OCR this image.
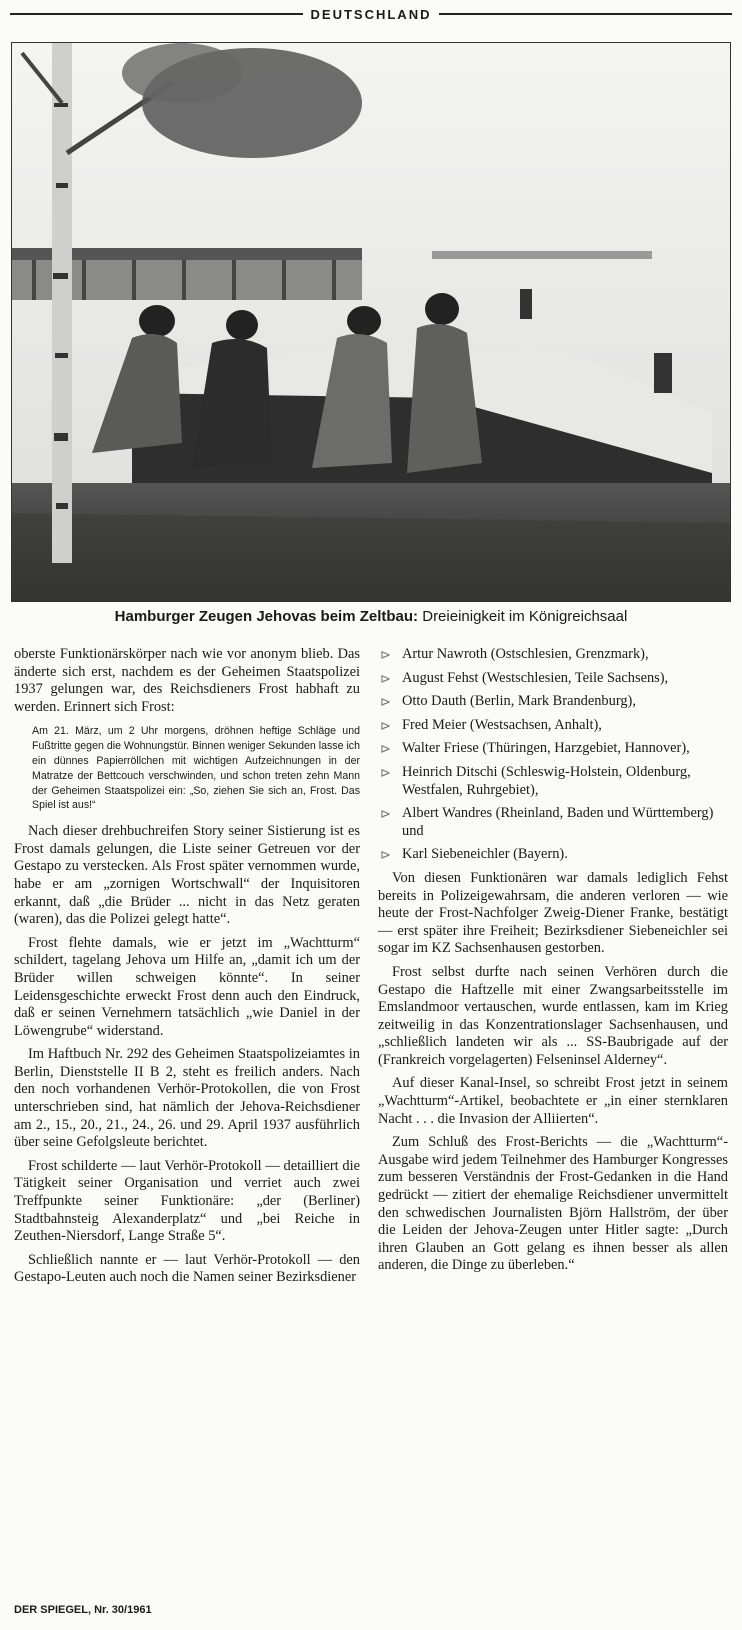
DEUTSCHLAND
Hamburger Zeugen Jehovas beim Zeltbau: Dreieinigkeit im Königreichsaal

oberste Funktionärskörper nach wie vor anonym blieb. Das änderte sich erst, nachdem es der Geheimen Staatspolizei 1937 gelungen war, des Reichsdieners Frost habhaft zu werden. Erinnert sich Frost:

Am 21. März, um 2 Uhr morgens, dröhnen heftige Schläge und Fußtritte gegen die Wohnungstür. Binnen weniger Sekunden lasse ich ein dünnes Papierröllchen mit wichtigen Aufzeichnungen in der Matratze der Bettcouch verschwinden, und schon treten zehn Mann der Geheimen Staatspolizei ein: „So, ziehen Sie sich an, Frost. Das Spiel ist aus!“

Nach dieser drehbuchreifen Story seiner Sistierung ist es Frost damals gelungen, die Liste seiner Getreuen vor der Gestapo zu verstecken. Als Frost später vernommen wurde, habe er am „zornigen Wortschwall“ der Inquisitoren erkannt, daß „die Brüder ... nicht in das Netz geraten (waren), das die Polizei gelegt hatte“.

Frost flehte damals, wie er jetzt im „Wachtturm“ schildert, tagelang Jehova um Hilfe an, „damit ich um der Brüder willen schweigen könnte“. In seiner Leidensgeschichte erweckt Frost denn auch den Eindruck, daß er seinen Vernehmern tatsächlich „wie Daniel in der Löwengrube“ widerstand.

Im Haftbuch Nr. 292 des Geheimen Staatspolizeiamtes in Berlin, Dienststelle II B 2, steht es freilich anders. Nach den noch vorhandenen Verhör-Protokollen, die von Frost unterschrieben sind, hat nämlich der Jehova-Reichsdiener am 2., 15., 20., 21., 24., 26. und 29. April 1937 ausführlich über seine Gefolgsleute berichtet.

Frost schilderte — laut Verhör-Protokoll — detailliert die Tätigkeit seiner Organisation und verriet auch zwei Treffpunkte seiner Funktionäre: „der (Berliner) Stadtbahnsteig Alexanderplatz“ und „bei Reiche in Zeuthen-Niersdorf, Lange Straße 5“.

Schließlich nannte er — laut Verhör-Protokoll — den Gestapo-Leuten auch noch die Namen seiner Bezirksdiener

⊳ Artur Nawroth (Ostschlesien, Grenzmark),
⊳ August Fehst (Westschlesien, Teile Sachsens),
⊳ Otto Dauth (Berlin, Mark Brandenburg),
⊳ Fred Meier (Westsachsen, Anhalt),
⊳ Walter Friese (Thüringen, Harzgebiet, Hannover),
⊳ Heinrich Ditschi (Schleswig-Holstein, Oldenburg, Westfalen, Ruhrgebiet),
⊳ Albert Wandres (Rheinland, Baden und Württemberg) und
⊳ Karl Siebeneichler (Bayern).

Von diesen Funktionären war damals lediglich Fehst bereits in Polizeigewahrsam, die anderen verloren — wie heute der Frost-Nachfolger Zweig-Diener Franke, bestätigt — erst später ihre Freiheit; Bezirksdiener Siebeneichler sei sogar im KZ Sachsenhausen gestorben.

Frost selbst durfte nach seinen Verhören durch die Gestapo die Haftzelle mit einer Zwangsarbeitsstelle im Emslandmoor vertauschen, wurde entlassen, kam im Krieg zeitweilig in das Konzentrationslager Sachsenhausen, und „schließlich landeten wir als ... SS-Baubrigade auf der (Frankreich vorgelagerten) Felseninsel Alderney“.

Auf dieser Kanal-Insel, so schreibt Frost jetzt in seinem „Wachtturm“-Artikel, beobachtete er „in einer sternklaren Nacht . . . die Invasion der Alliierten“.

Zum Schluß des Frost-Berichts — die „Wachtturm“-Ausgabe wird jedem Teilnehmer des Hamburger Kongresses zum besseren Verständnis der Frost-Gedanken in die Hand gedrückt — zitiert der ehemalige Reichsdiener unvermittelt den schwedischen Journalisten Björn Hallström, der über die Leiden der Jehova-Zeugen unter Hitler sagte: „Durch ihren Glauben an Gott gelang es ihnen besser als allen anderen, die Dinge zu überleben.“

DER SPIEGEL, Nr. 30/1961
